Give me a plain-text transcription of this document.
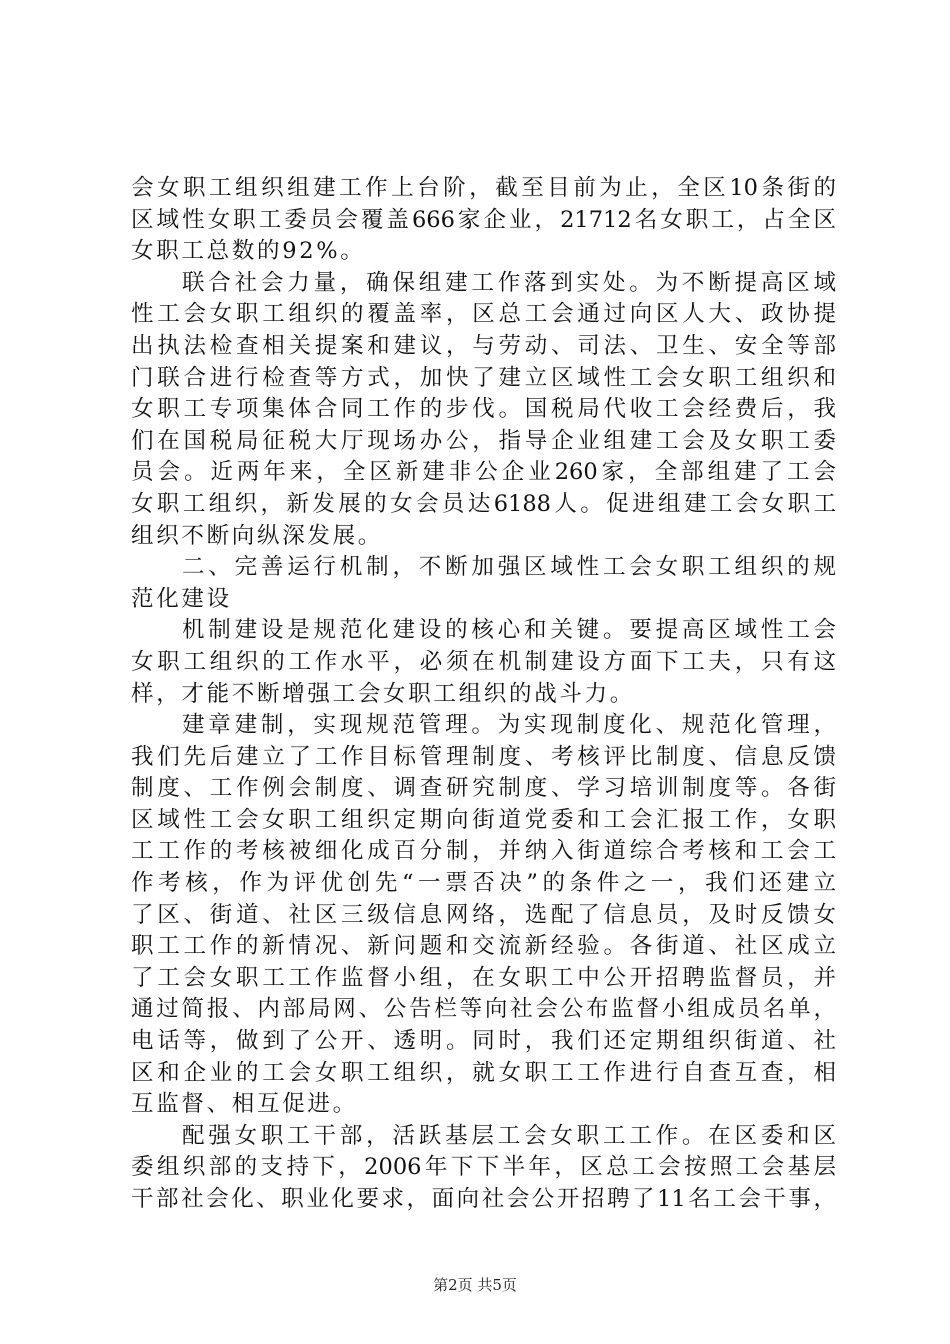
会女职工组织组建工作上台阶，截至目前为止，全区10条街的
区域性女职工委员会覆盖666家企业，21712名女职工，占全区
女职工总数的92%。
联合社会力量，确保组建工作落到实处。为不断提高区域
性工会女职工组织的覆盖率，区总工会通过向区人大、政协提
出执法检查相关提案和建议，与劳动、司法、卫生、安全等部
门联合进行检查等方式，加快了建立区域性工会女职工组织和
女职工专项集体合同工作的步伐。国税局代收工会经费后，我
们在国税局征税大厅现场办公，指导企业组建工会及女职工委
员会。近两年来，全区新建非公企业260家，全部组建了工会
女职工组织，新发展的女会员达6188人。促进组建工会女职工
组织不断向纵深发展。
二、完善运行机制，不断加强区域性工会女职工组织的规
范化建设
机制建设是规范化建设的核心和关键。要提高区域性工会
女职工组织的工作水平，必须在机制建设方面下工夫，只有这
样，才能不断增强工会女职工组织的战斗力。
建章建制，实现规范管理。为实现制度化、规范化管理，
我们先后建立了工作目标管理制度、考核评比制度、信息反馈
制度、工作例会制度、调查研究制度、学习培训制度等。各街
区域性工会女职工组织定期向街道党委和工会汇报工作，女职
工工作的考核被细化成百分制，并纳入街道综合考核和工会工
作考核，作为评优创先“一票否决”的条件之一，我们还建立
了区、街道、社区三级信息网络，选配了信息员，及时反馈女
职工工作的新情况、新问题和交流新经验。各街道、社区成立
了工会女职工工作监督小组，在女职工中公开招聘监督员，并
通过简报、内部局网、公告栏等向社会公布监督小组成员名单，
电话等，做到了公开、透明。同时，我们还定期组织街道、社
区和企业的工会女职工组织，就女职工工作进行自查互查，相
互监督、相互促进。
配强女职工干部，活跃基层工会女职工工作。在区委和区
委组织部的支持下，2006年下下半年，区总工会按照工会基层
干部社会化、职业化要求，面向社会公开招聘了11名工会干事，
第2页 共5页
